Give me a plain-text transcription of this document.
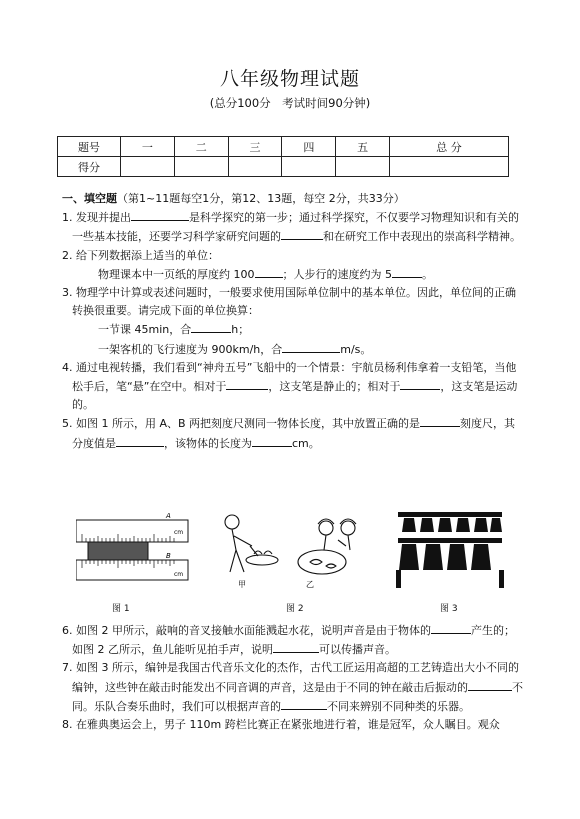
八年级物理试题
(总分100分　考试时间90分钟)
题号	一	二	三	四	五	总 分
得分						

一、填空题（第1~11题每空1分，第12、13题，每空 2分，共33分）

1. 发现并提出	是科学探究的第一步；通过科学探究，不仅要学习物理知识和有关的一些基本技能，还要学习科学家研究问题的	和在研究工作中表现出的崇高科学精神。

2. 给下列数据添上适当的单位：

物理课本中一页纸的厚度约 100	；人步行的速度约为 5	。

3. 物理学中计算或表述问题时，一般要求使用国际单位制中的基本单位。因此，单位间的正确转换很重要。请完成下面的单位换算：

一节课 45min，合	h；

一架客机的飞行速度为 900km/h，合	m/s。

4. 通过电视转播，我们看到“神舟五号”飞船中的一个情景：宇航员杨利伟拿着一支铅笔，当他松手后，笔“悬”在空中。相对于	，这支笔是静止的；相对于	，这支笔是运动的。

5. 如图 1 所示，用 A、B 两把刻度尺测同一物体长度，其中放置正确的是	刻度尺，其分度值是	，该物体的长度为	cm。

A
cm
B
cm
图 1
甲	乙
图 2	图 3

6. 如图 2 甲所示，敲响的音叉接触水面能溅起水花，说明声音是由于物体的	产生的；如图 2 乙所示，鱼儿能听见拍手声，说明	可以传播声音。

7. 如图 3 所示，编钟是我国古代音乐文化的杰作，古代工匠运用高超的工艺铸造出大小不同的编钟，这些钟在敲击时能发出不同音调的声音，这是由于不同的钟在敲击后振动的	不同。乐队合奏乐曲时，我们可以根据声音的	不同来辨别不同种类的乐器。

8. 在雅典奥运会上，男子 110m 跨栏比赛正在紧张地进行着，谁是冠军，众人瞩目。观众
